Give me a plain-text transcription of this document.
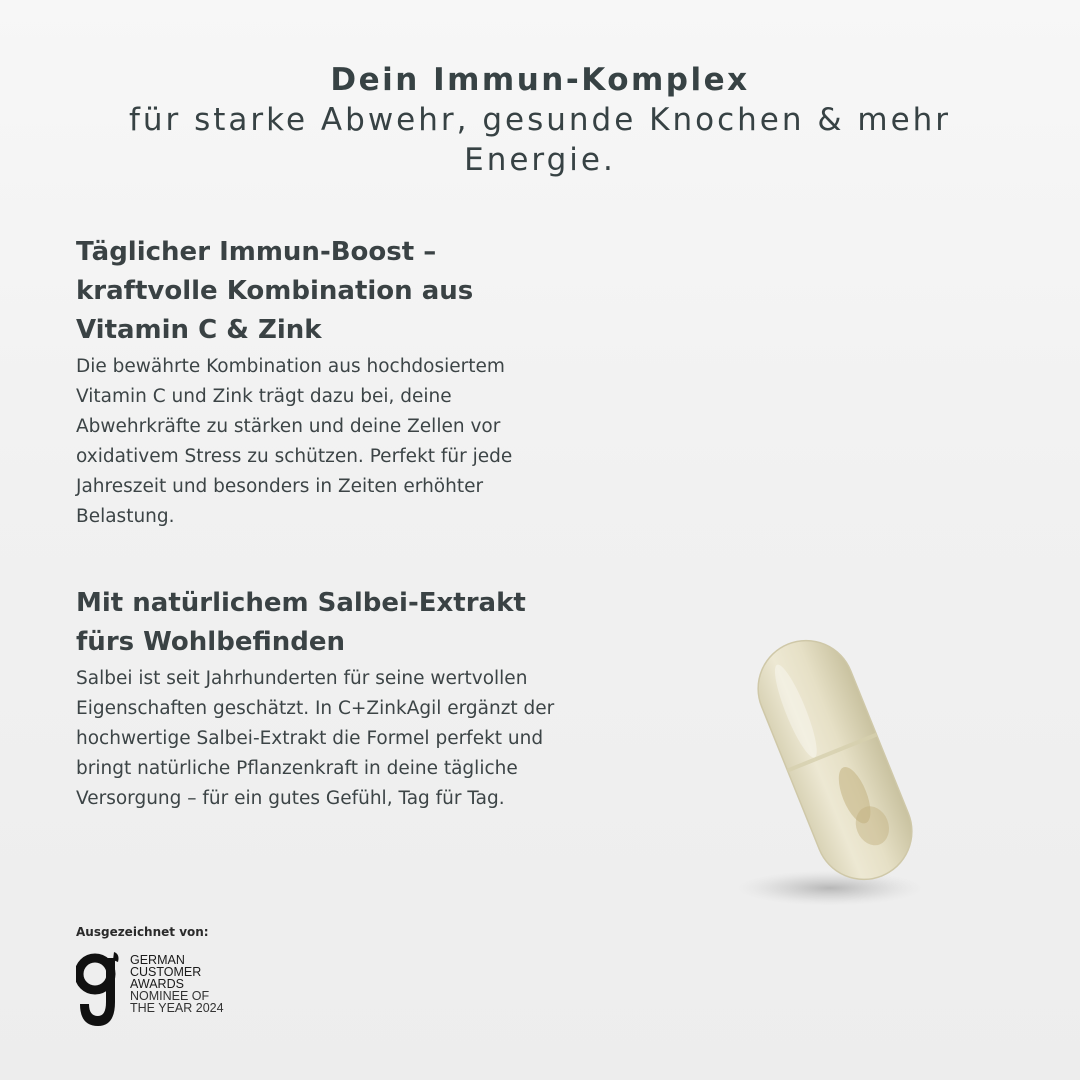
Dein Immun-Komplex
für starke Abwehr, gesunde Knochen & mehr Energie.
Täglicher Immun-Boost – kraftvolle Kombination aus Vitamin C & Zink

Die bewährte Kombination aus hochdosiertem Vitamin C und Zink trägt dazu bei, deine Abwehrkräfte zu stärken und deine Zellen vor oxidativem Stress zu schützen. Perfekt für jede Jahreszeit und besonders in Zeiten erhöhter Belastung.

Mit natürlichem Salbei-Extrakt fürs Wohlbefinden

Salbei ist seit Jahrhunderten für seine wertvollen Eigenschaften geschätzt. In C+ZinkAgil ergänzt der hochwertige Salbei-Extrakt die Formel perfekt und bringt natürliche Pflanzenkraft in deine tägliche Versorgung – für ein gutes Gefühl, Tag für Tag.

Ausgezeichnet von:
GERMAN
CUSTOMER
AWARDS
NOMINEE OF
THE YEAR 2024
